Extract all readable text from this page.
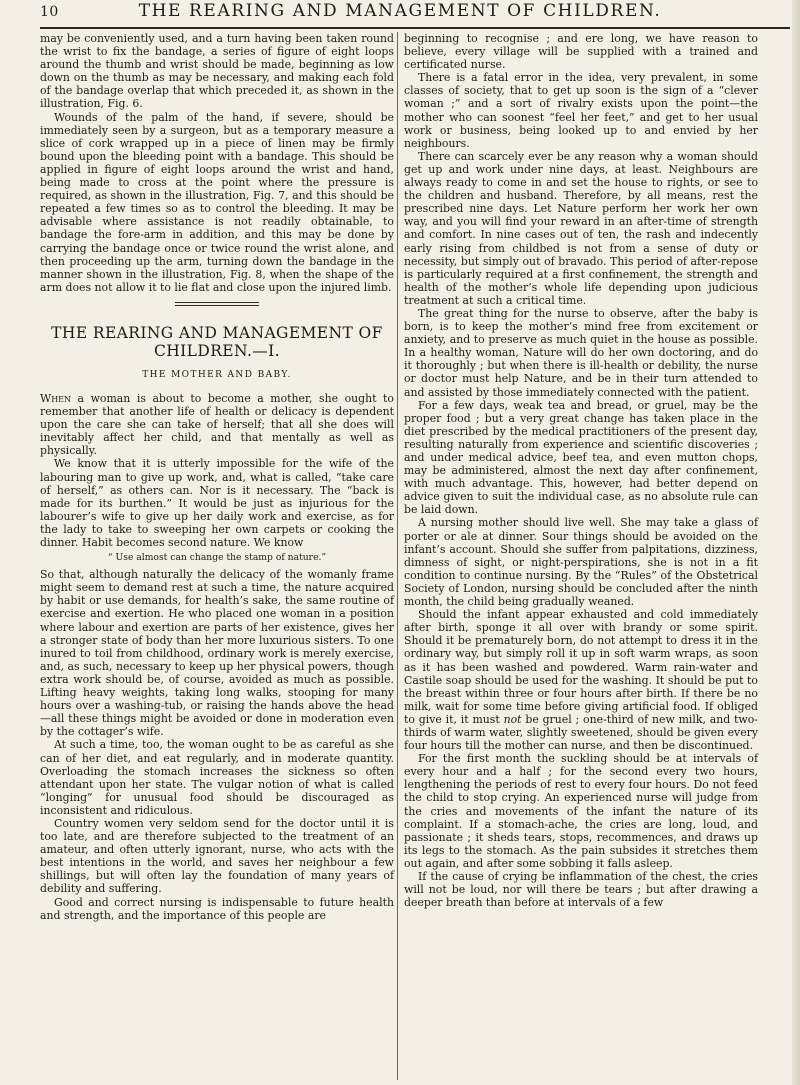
10	THE REARING AND MANAGEMENT OF CHILDREN.

may be conveniently used, and a turn having been taken round the wrist to fix the bandage, a series of figure of eight loops around the thumb and wrist should be made, beginning as low down on the thumb as may be necessary, and making each fold of the bandage overlap that which preceded it, as shown in the illustration, Fig. 6.

Wounds of the palm of the hand, if severe, should be immediately seen by a surgeon, but as a temporary measure a slice of cork wrapped up in a piece of linen may be firmly bound upon the bleeding point with a bandage. This should be applied in figure of eight loops around the wrist and hand, being made to cross at the point where the pressure is required, as shown in the illustration, Fig. 7, and this should be repeated a few times so as to control the bleeding. It may be advisable where assistance is not readily obtainable, to bandage the fore-arm in addition, and this may be done by carrying the bandage once or twice round the wrist alone, and then proceeding up the arm, turning down the bandage in the manner shown in the illustration, Fig. 8, when the shape of the arm does not allow it to lie flat and close upon the injured limb.

THE REARING AND MANAGEMENT OF CHILDREN.—I.
THE MOTHER AND BABY.

When a woman is about to become a mother, she ought to remember that another life of health or delicacy is dependent upon the care she can take of herself; that all she does will inevitably affect her child, and that mentally as well as physically.

We know that it is utterly impossible for the wife of the labouring man to give up work, and, what is called, “take care of herself,” as others can. Nor is it necessary. The “back is made for its burthen.” It would be just as injurious for the labourer’s wife to give up her daily work and exercise, as for the lady to take to sweeping her own carpets or cooking the dinner. Habit becomes second nature. We know

“ Use almost can change the stamp of nature.”

So that, although naturally the delicacy of the womanly frame might seem to demand rest at such a time, the nature acquired by habit or use demands, for health’s sake, the same routine of exercise and exertion. He who placed one woman in a position where labour and exertion are parts of her existence, gives her a stronger state of body than her more luxurious sisters. To one inured to toil from childhood, ordinary work is merely exercise, and, as such, necessary to keep up her physical powers, though extra work should be, of course, avoided as much as possible. Lifting heavy weights, taking long walks, stooping for many hours over a washing-tub, or raising the hands above the head—all these things might be avoided or done in moderation even by the cottager’s wife.

At such a time, too, the woman ought to be as careful as she can of her diet, and eat regularly, and in moderate quantity. Overloading the stomach increases the sickness so often attendant upon her state. The vulgar notion of what is called “longing” for unusual food should be discouraged as inconsistent and ridiculous.

Country women very seldom send for the doctor until it is too late, and are therefore subjected to the treatment of an amateur, and often utterly ignorant, nurse, who acts with the best intentions in the world, and saves her neighbour a few shillings, but will often lay the foundation of many years of debility and suffering.

Good and correct nursing is indispensable to future health and strength, and the importance of this people are

beginning to recognise ; and ere long, we have reason to believe, every village will be supplied with a trained and certificated nurse.

There is a fatal error in the idea, very prevalent, in some classes of society, that to get up soon is the sign of a “clever woman ;” and a sort of rivalry exists upon the point—the mother who can soonest “feel her feet,” and get to her usual work or business, being looked up to and envied by her neighbours.

There can scarcely ever be any reason why a woman should get up and work under nine days, at least. Neighbours are always ready to come in and set the house to rights, or see to the children and husband. Therefore, by all means, rest the prescribed nine days. Let Nature perform her work her own way, and you will find your reward in an after-time of strength and comfort. In nine cases out of ten, the rash and indecently early rising from childbed is not from a sense of duty or necessity, but simply out of bravado. This period of after-repose is particularly required at a first confinement, the strength and health of the mother’s whole life depending upon judicious treatment at such a critical time.

The great thing for the nurse to observe, after the baby is born, is to keep the mother’s mind free from excitement or anxiety, and to preserve as much quiet in the house as possible. In a healthy woman, Nature will do her own doctoring, and do it thoroughly ; but when there is ill-health or debility, the nurse or doctor must help Nature, and be in their turn attended to and assisted by those immediately connected with the patient.

For a few days, weak tea and bread, or gruel, may be the proper food ; but a very great change has taken place in the diet prescribed by the medical practitioners of the present day, resulting naturally from experience and scientific discoveries ; and under medical advice, beef tea, and even mutton chops, may be administered, almost the next day after confinement, with much advantage. This, however, had better depend on advice given to suit the individual case, as no absolute rule can be laid down.

A nursing mother should live well. She may take a glass of porter or ale at dinner. Sour things should be avoided on the infant’s account. Should she suffer from palpitations, dizziness, dimness of sight, or night-perspirations, she is not in a fit condition to continue nursing. By the “Rules” of the Obstetrical Society of London, nursing should be concluded after the ninth month, the child being gradually weaned.

Should the infant appear exhausted and cold immediately after birth, sponge it all over with brandy or some spirit. Should it be prematurely born, do not attempt to dress it in the ordinary way, but simply roll it up in soft warm wraps, as soon as it has been washed and powdered. Warm rain-water and Castile soap should be used for the washing. It should be put to the breast within three or four hours after birth. If there be no milk, wait for some time before giving artificial food. If obliged to give it, it must not be gruel ; one-third of new milk, and two-thirds of warm water, slightly sweetened, should be given every four hours till the mother can nurse, and then be discontinued.

For the first month the suckling should be at intervals of every hour and a half ; for the second every two hours, lengthening the periods of rest to every four hours. Do not feed the child to stop crying. An experienced nurse will judge from the cries and movements of the infant the nature of its complaint. If a stomach-ache, the cries are long, loud, and passionate ; it sheds tears, stops, recommences, and draws up its legs to the stomach. As the pain subsides it stretches them out again, and after some sobbing it falls asleep.

If the cause of crying be inflammation of the chest, the cries will not be loud, nor will there be tears ; but after drawing a deeper breath than before at intervals of a few
